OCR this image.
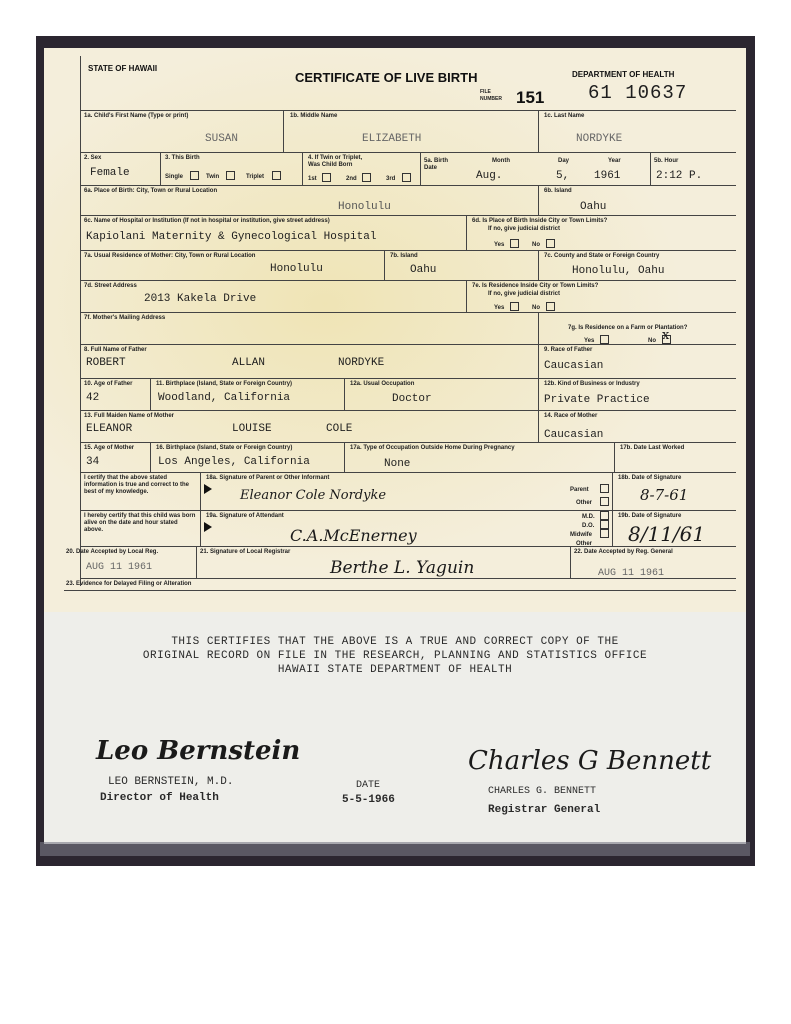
STATE OF HAWAII
CERTIFICATE OF LIVE BIRTH	DEPARTMENT OF HEALTH
FILE NUMBER 151 61 10637
1a. Child's First Name (Type or print)	1b. Middle Name	1c. Last Name
SUSAN	ELIZABETH	NORDYKE
2. Sex
Female
3. This Birth
Single	Twin	Triplet
4. If Twin or Triplet, Was Child Born
1st	2nd	3rd
5a. Birth Date
Month	Day	Year	5b. Hour
Aug.	5, 1961	2:12 P.
6a. Place of Birth: City, Town or Rural Location
Honolulu
6b. Island
Oahu
6c. Name of Hospital or Institution (If not in hospital or institution, give street address)
Kapiolani Maternity & Gynecological Hospital
6d. Is Place of Birth Inside City or Town Limits?
If no, give judicial district
Yes	No
7a. Usual Residence of Mother: City, Town or Rural Location
Honolulu
7b. Island
Oahu
7c. County and State or Foreign Country
Honolulu, Oahu
7d. Street Address
2013 Kakela Drive
7e. Is Residence Inside City or Town Limits?
If no, give judicial district
Yes	No
7f. Mother's Mailing Address
7g. Is Residence on a Farm or Plantation?
Yes	No x
8. Full Name of Father
ROBERT	ALLAN	NORDYKE
9. Race of Father
Caucasian
10. Age of Father
42
11. Birthplace (Island, State or Foreign Country)
Woodland, California
12a. Usual Occupation
Doctor
12b. Kind of Business or Industry
Private Practice
13. Full Maiden Name of Mother
ELEANOR	LOUISE	COLE
14. Race of Mother
Caucasian
15. Age of Mother
34
16. Birthplace (Island, State or Foreign Country)
Los Angeles, California
17a. Type of Occupation Outside Home During Pregnancy
None
17b. Date Last Worked
I certify that the above stated information is true and correct to the best of my knowledge.
18a. Signature of Parent or Other Informant
Eleanor Cole Nordyke	Parent
Other
18b. Date of Signature
8-7-61
I hereby certify that this child was born alive on the date and hour stated above.
19a. Signature of Attendant
C.A.McEnerney
M.D.
D.O.
Midwife
Other
19b. Date of Signature
8/11/61
20. Date Accepted by Local Reg.
AUG 11 1961
21. Signature of Local Registrar
Berthe L. Yaguin
22. Date Accepted by Reg. General
AUG 11 1961
23. Evidence for Delayed Filing or Alteration
THIS CERTIFIES THAT THE ABOVE IS A TRUE AND CORRECT COPY OF THE
ORIGINAL RECORD ON FILE IN THE RESEARCH, PLANNING AND STATISTICS OFFICE
HAWAII STATE DEPARTMENT OF HEALTH
Leo Bernstein
LEO BERNSTEIN, M.D.
Director of Health
DATE
5-5-1966
Charles G Bennett
CHARLES G. BENNETT
Registrar General
